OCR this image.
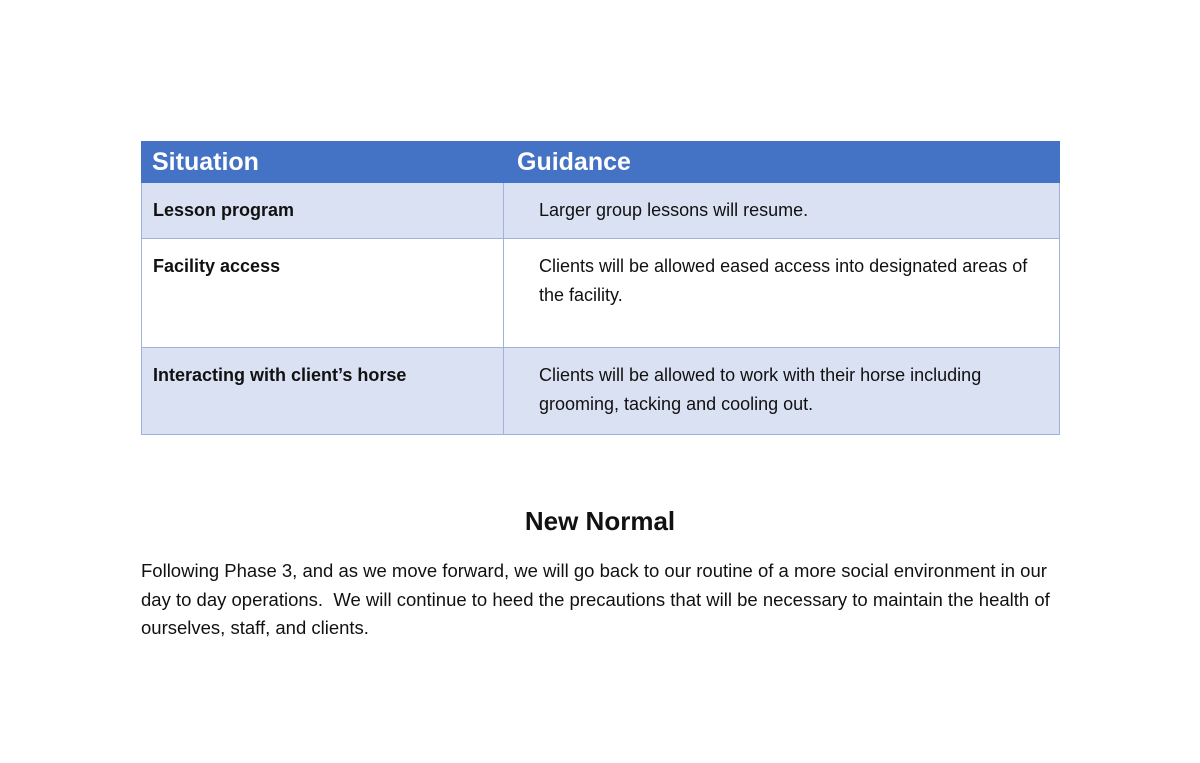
Situation	Guidance
Lesson program	Larger group lessons will resume.
Facility access	Clients will be allowed eased access into designated areas of the facility.
Interacting with client’s horse	Clients will be allowed to work with their horse including grooming, tacking and cooling out.
New Normal

Following Phase 3, and as we move forward, we will go back to our routine of a more social environment in our day to day operations.  We will continue to heed the precautions that will be necessary to maintain the health of ourselves, staff, and clients.
